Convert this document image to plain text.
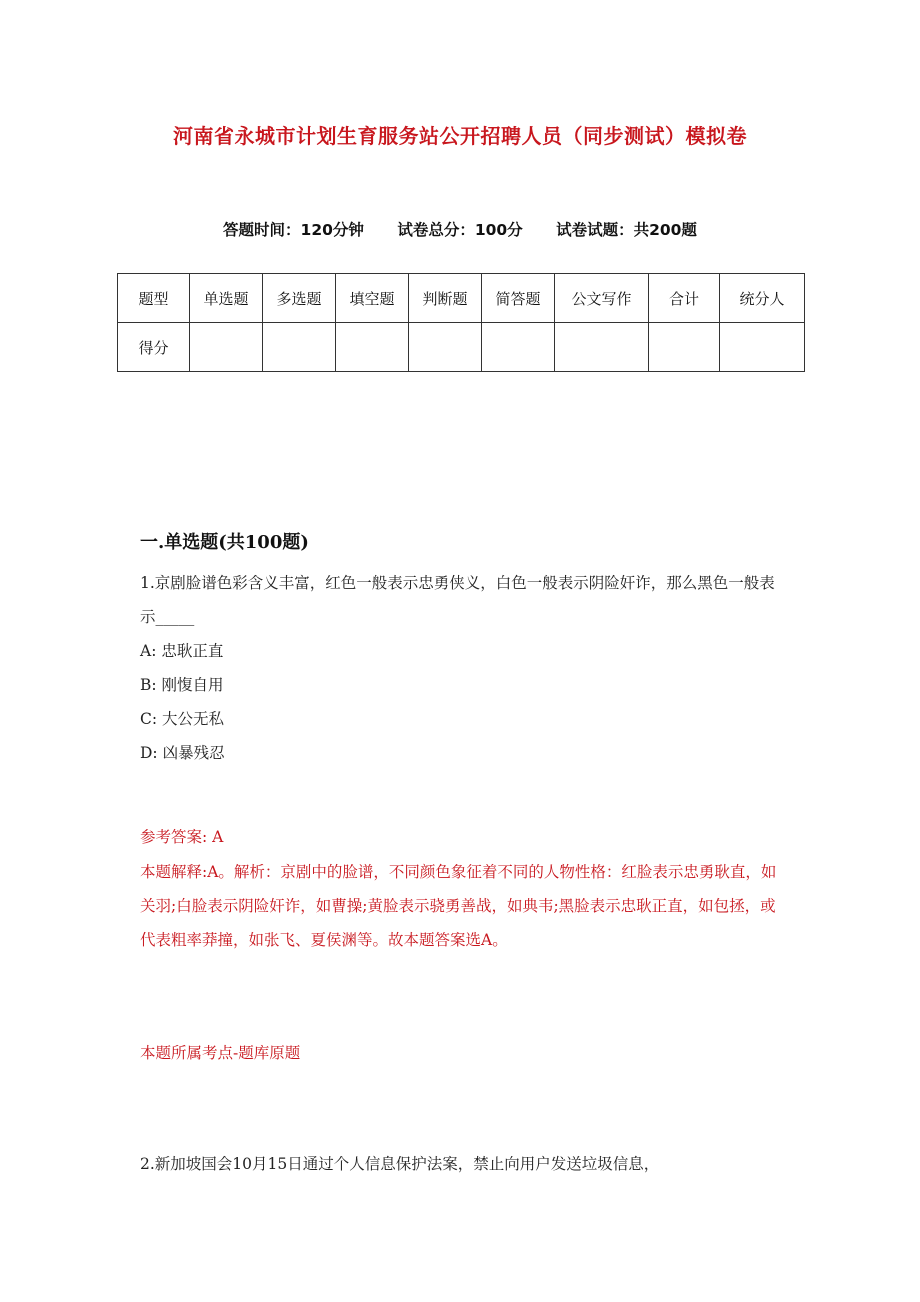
河南省永城市计划生育服务站公开招聘人员（同步测试）模拟卷
答题时间：120分钟 试卷总分：100分 试卷试题：共200题
题型	单选题	多选题	填空题	判断题	简答题	公文写作	合计	统分人
得分								
一.单选题(共100题)
1.京剧脸谱色彩含义丰富，红色一般表示忠勇侠义，白色一般表示阴险奸诈，那么黑色一般表示_____
A: 忠耿正直
B: 刚愎自用
C: 大公无私
D: 凶暴残忍
参考答案: A
本题解释:A。解析：京剧中的脸谱，不同颜色象征着不同的人物性格：红脸表示忠勇耿直，如关羽;白脸表示阴险奸诈，如曹操;黄脸表示骁勇善战，如典韦;黑脸表示忠耿正直，如包拯，或代表粗率莽撞，如张飞、夏侯渊等。故本题答案选A。
本题所属考点-题库原题
2.新加坡国会10月15日通过个人信息保护法案，禁止向用户发送垃圾信息，
